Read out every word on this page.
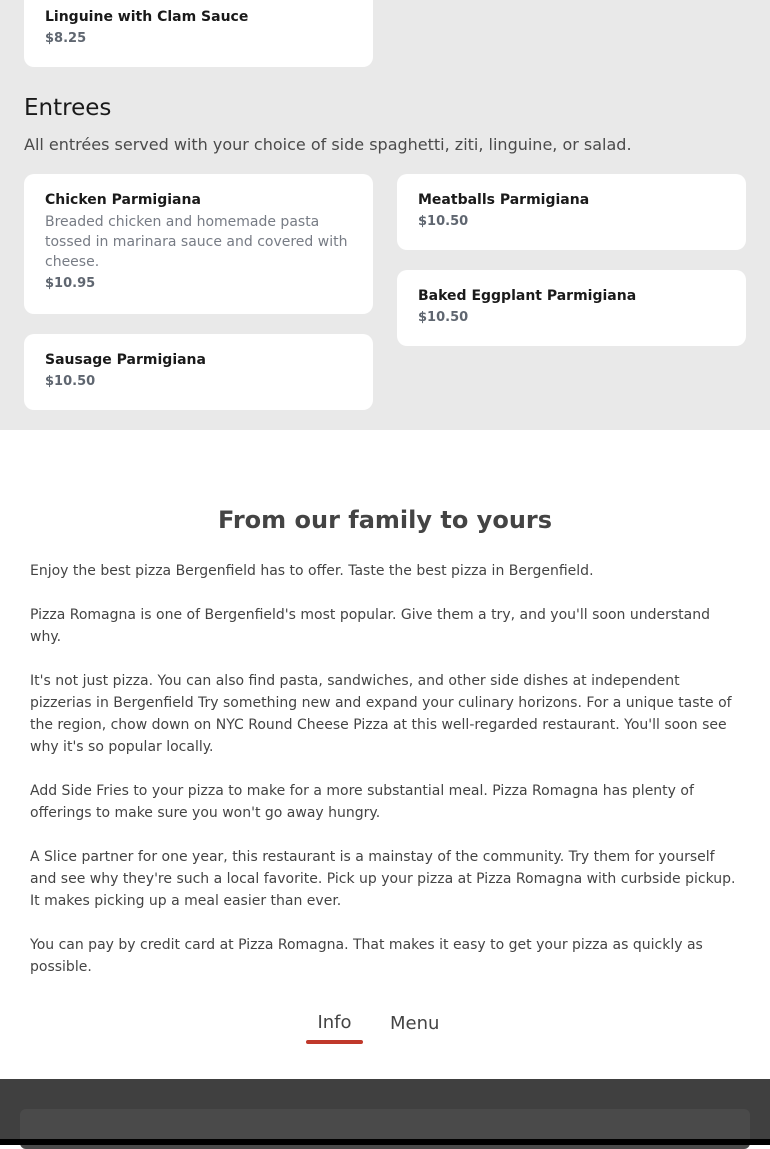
Linguine with Clam Sauce
$8.25
Entrees
All entrées served with your choice of side spaghetti, ziti, linguine, or salad.
Chicken Parmigiana
Breaded chicken and homemade pasta tossed in marinara sauce and covered with cheese.
$10.95
Meatballs Parmigiana
$10.50
Baked Eggplant Parmigiana
$10.50
Sausage Parmigiana
$10.50
From our family to yours

Enjoy the best pizza Bergenfield has to offer. Taste the best pizza in Bergenfield.

Pizza Romagna is one of Bergenfield's most popular. Give them a try, and you'll soon understand why.

It's not just pizza. You can also find pasta, sandwiches, and other side dishes at independent pizzerias in Bergenfield Try something new and expand your culinary horizons. For a unique taste of the region, chow down on NYC Round Cheese Pizza at this well-regarded restaurant. You'll soon see why it's so popular locally.

Add Side Fries to your pizza to make for a more substantial meal. Pizza Romagna has plenty of offerings to make sure you won't go away hungry.

A Slice partner for one year, this restaurant is a mainstay of the community. Try them for yourself and see why they're such a local favorite. Pick up your pizza at Pizza Romagna with curbside pickup. It makes picking up a meal easier than ever.

You can pay by credit card at Pizza Romagna. That makes it easy to get your pizza as quickly as possible.

Info	Menu
